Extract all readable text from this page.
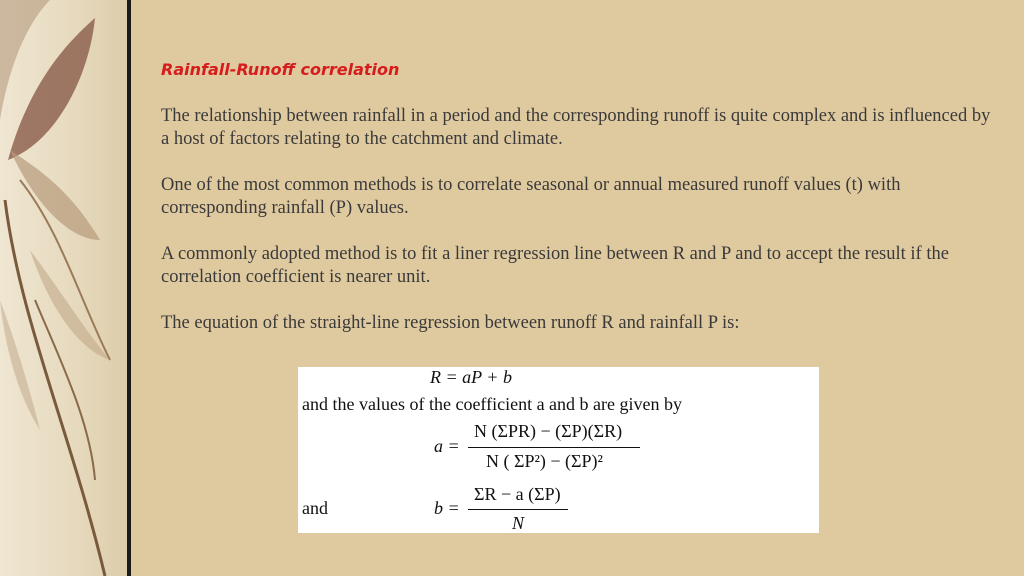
Rainfall-Runoff correlation

The relationship between rainfall in a period and the corresponding runoff is quite complex and is influenced by a host of factors relating to the catchment and climate.

One of the most common methods is to correlate seasonal or annual measured runoff values (t) with corresponding rainfall (P) values.

A commonly adopted method is to fit a liner regression line between R and P and to accept the result if the correlation coefficient is nearer unit.

The equation of the straight-line regression between runoff R and rainfall P is:

R = aP + b
and the values of the coefficient a and b are given by
a =
N (ΣPR) − (ΣP)(ΣR)
N ( ΣP²) − (ΣP)²
and	b =
ΣR − a (ΣP)
N
